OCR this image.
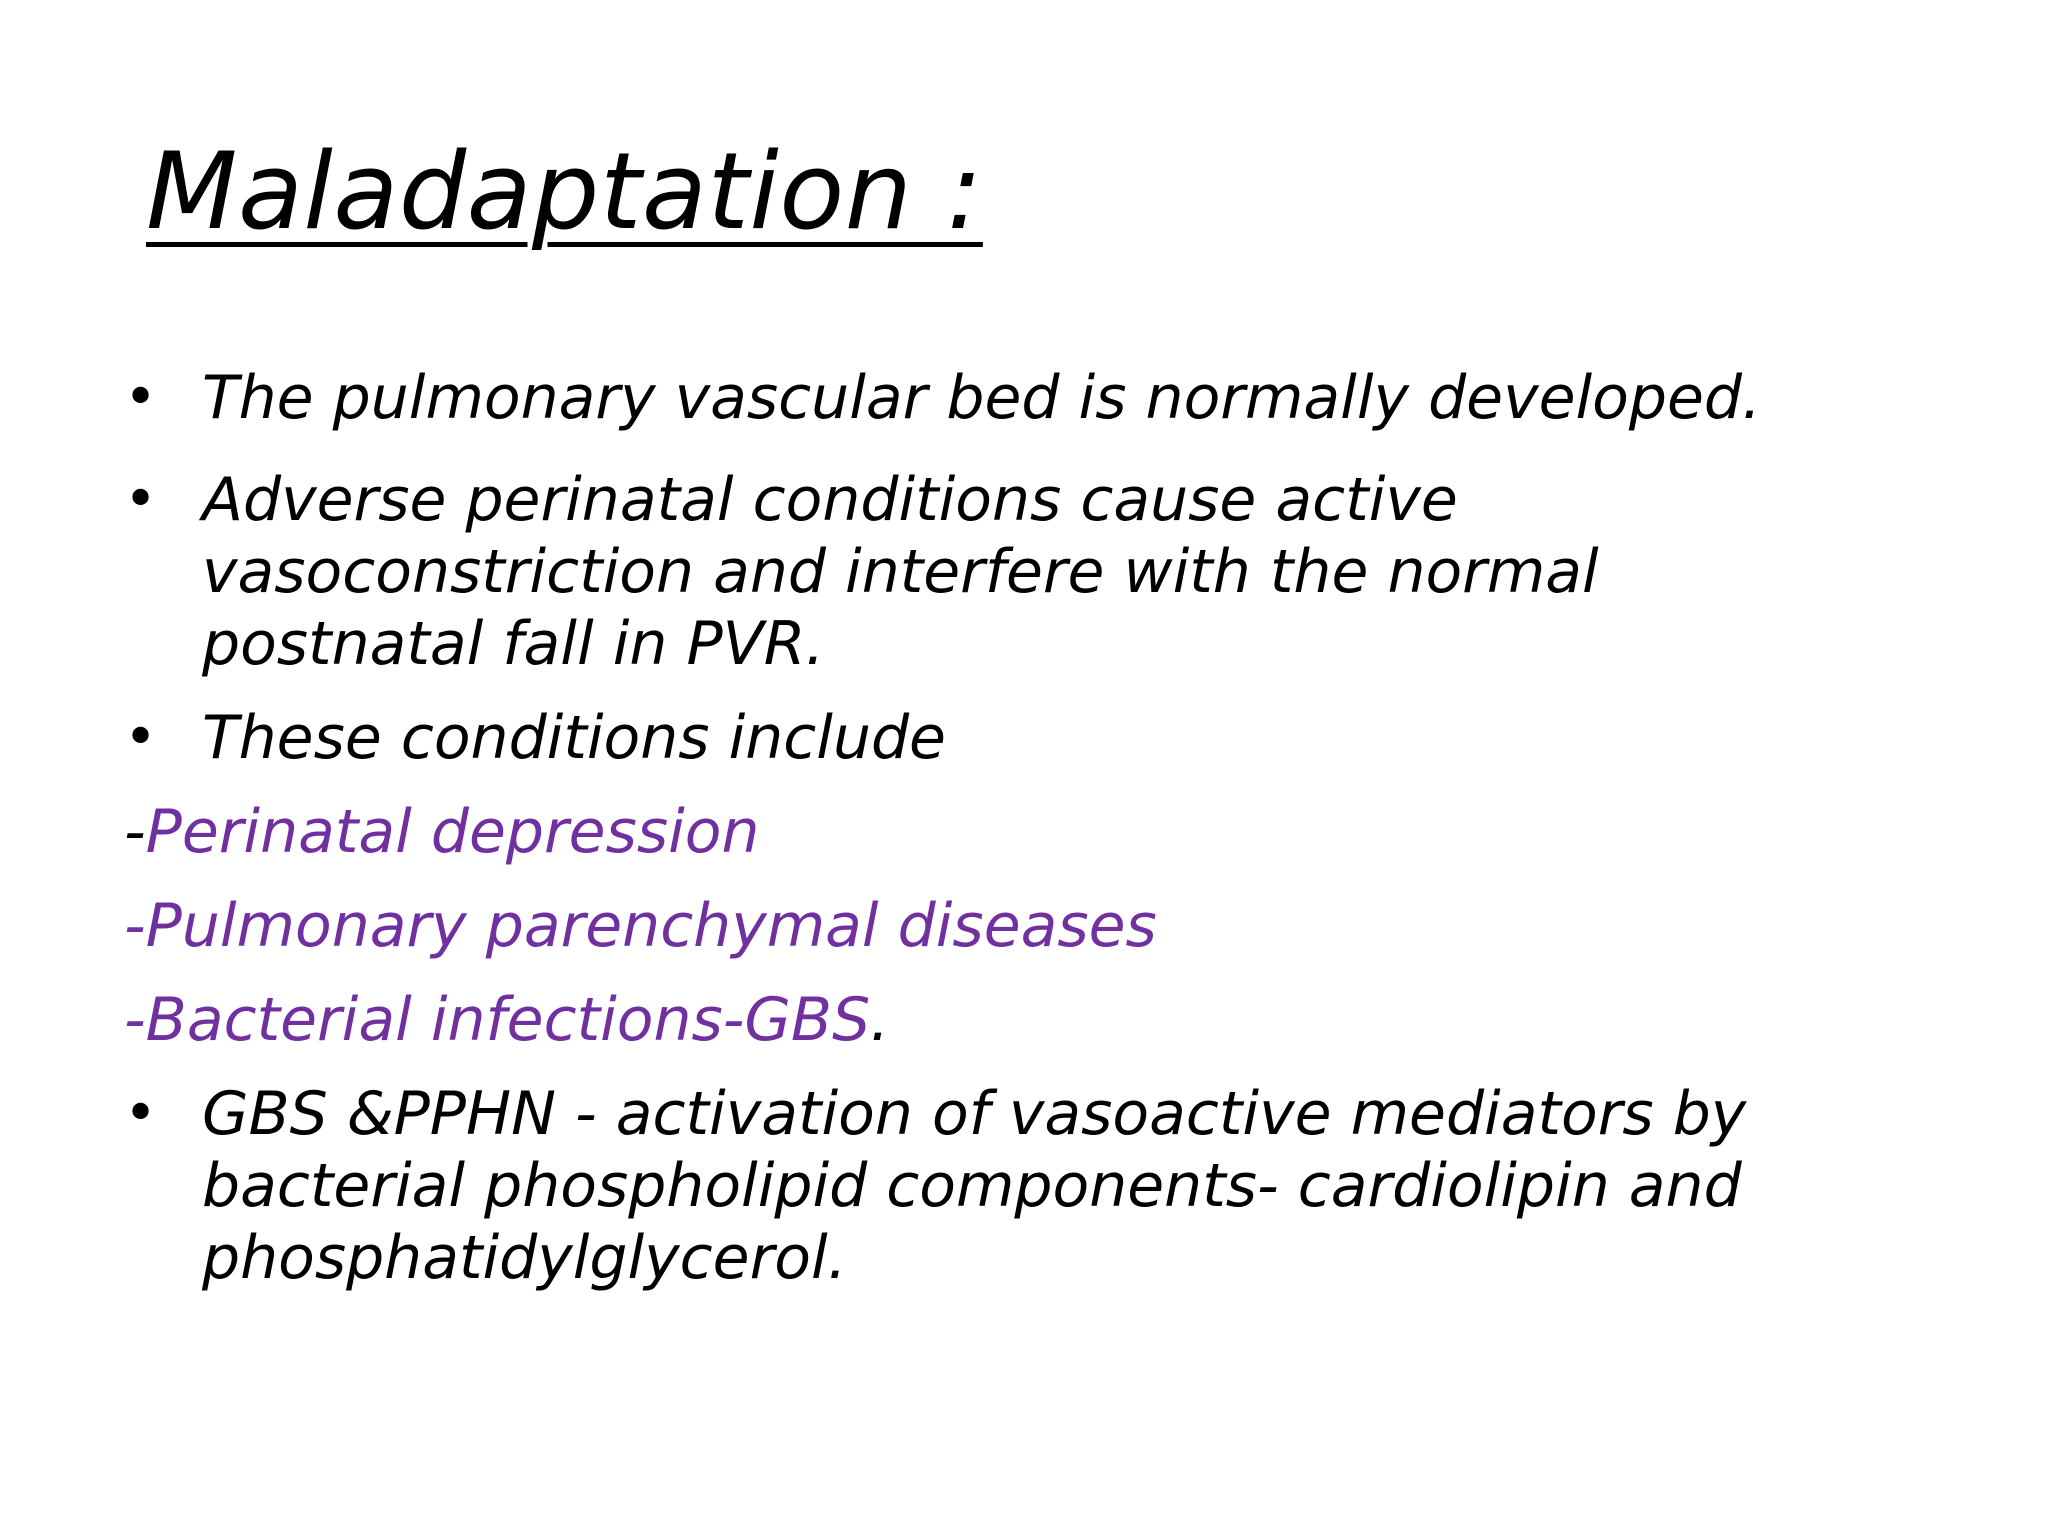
Maladaptation :
• The pulmonary vascular bed is normally developed.
• Adverse perinatal conditions cause active vasoconstriction and interfere with the normal postnatal fall in PVR.
• These conditions include
-Perinatal depression
-Pulmonary parenchymal diseases
-Bacterial infections-GBS.
• GBS &PPHN - activation of vasoactive mediators by bacterial phospholipid components- cardiolipin and phosphatidylglycerol.
